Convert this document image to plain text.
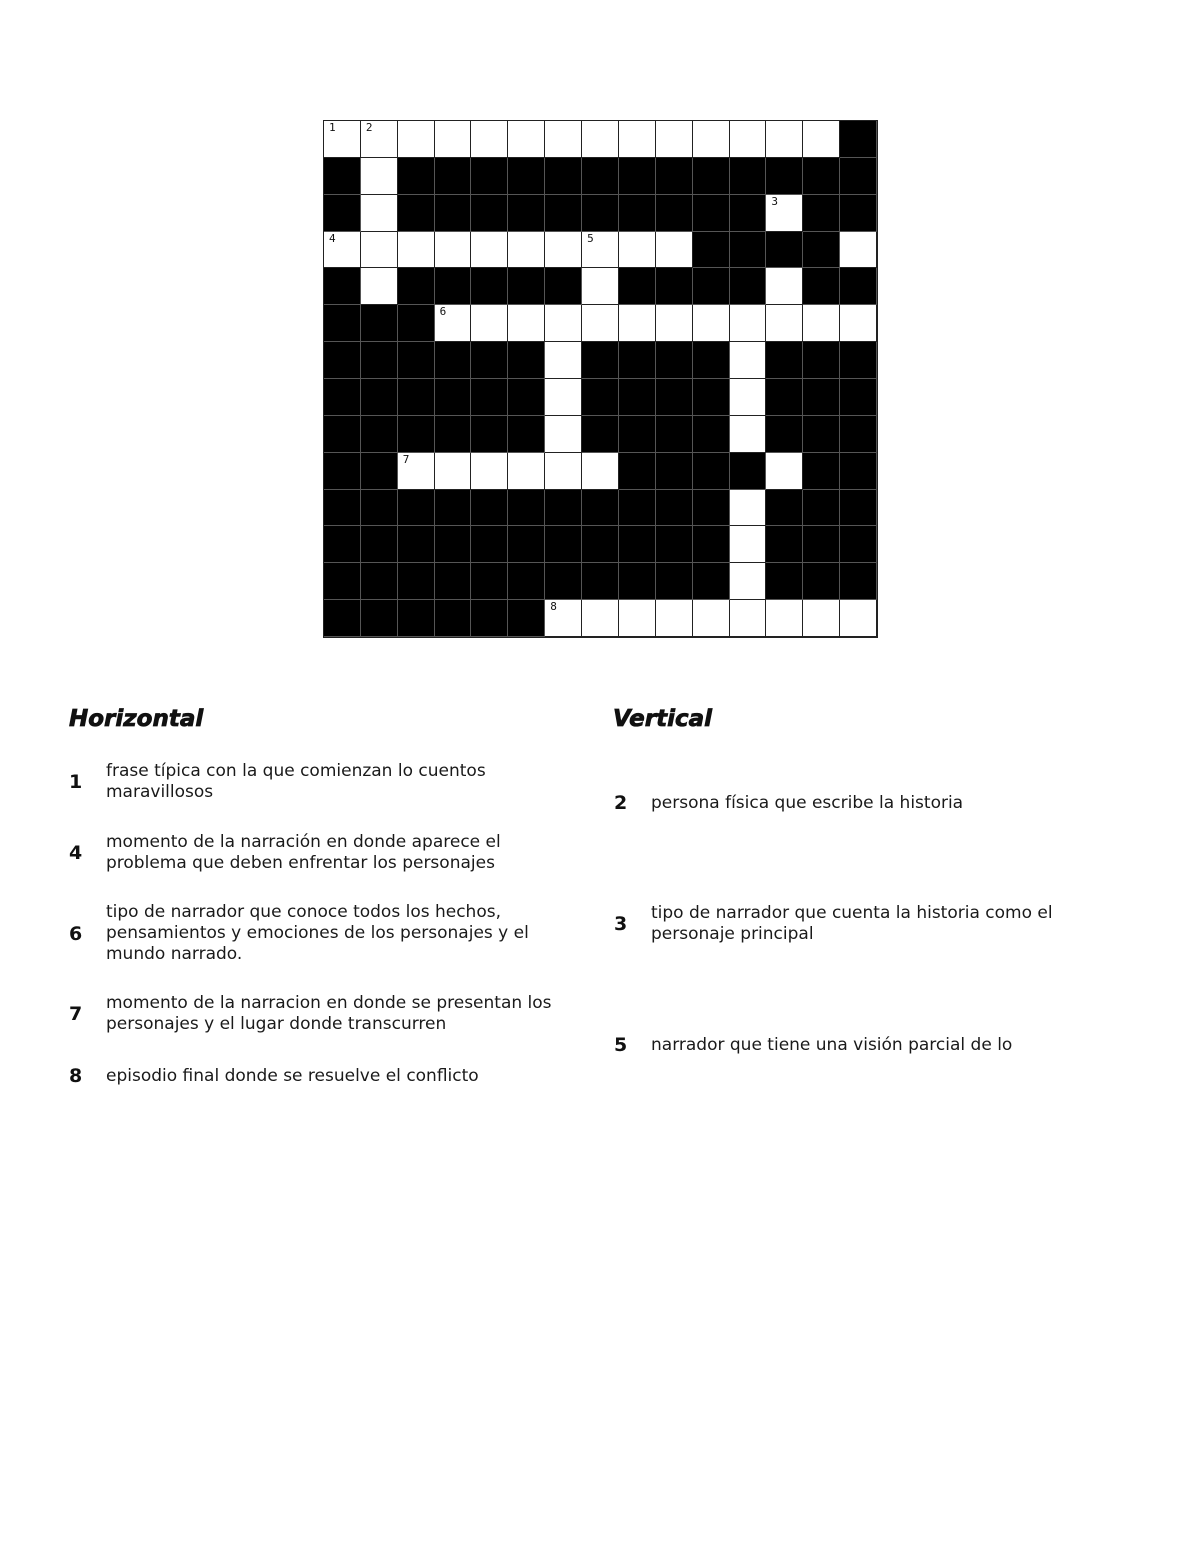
1	2
3
4	5
6
7
8
Horizontal	Vertical
1	frase típica con la que comienzan lo cuentos maravillosos
4	momento de la narración en donde aparece el problema que deben enfrentar los personajes
6
tipo de narrador que conoce todos los hechos, pensamientos y emociones de los personajes y el mundo narrado.
7	momento de la narracion en donde se presentan los personajes y el lugar donde transcurren
8	episodio final donde se resuelve el conflicto
2	persona física que escribe la historia
3	tipo de narrador que cuenta la historia como el personaje principal
5	narrador que tiene una visión parcial de lo
